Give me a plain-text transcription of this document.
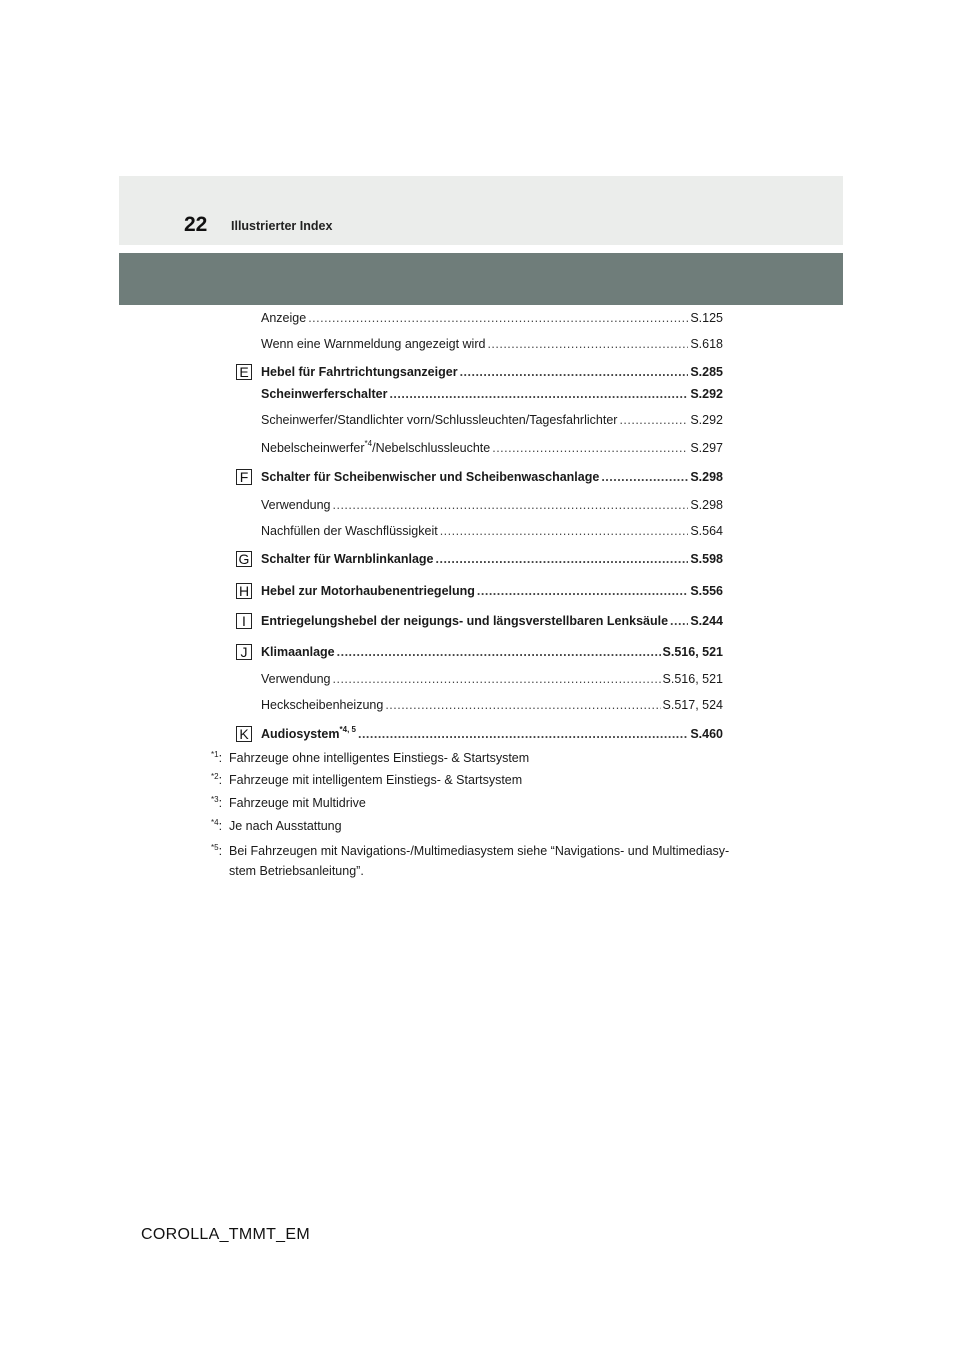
22 Illustrierter Index
Anzeige .....	S.125
Wenn eine Warnmeldung angezeigt wird .....	S.618
E Hebel für Fahrtrichtungsanzeiger .....	S.285
Scheinwerferschalter .....	S.292
Scheinwerfer/Standlichter vorn/Schlussleuchten/Tagesfahrlichter .....	S.292
Nebelscheinwerfer$^{*4}$/Nebelschlussleuchte .....	S.297
F Schalter für Scheibenwischer und Scheibenwaschanlage .....	S.298
Verwendung .....	S.298
Nachfüllen der Waschflüssigkeit .....	S.564
G Schalter für Warnblinkanlage .....	S.598
H Hebel zur Motorhaubenentriegelung .....	S.556
I	Entriegelungshebel der neigungs- und längsverstellbaren Lenksäule ..... S.244
J	Klimaanlage .....	S.516, 521
Verwendung .....	S.516, 521
Heckscheibenheizung .....	S.517, 524
K Audiosystem$^{*4, 5}$ .....	S.460
$^{*1}$: Fahrzeuge ohne intelligentes Einstiegs- & Startsystem
$^{*2}$: Fahrzeuge mit intelligentem Einstiegs- & Startsystem
$^{*3}$: Fahrzeuge mit Multidrive
$^{*4}$: Je nach Ausstattung
$^{*5}$: Bei Fahrzeugen mit Navigations-/Multimediasystem siehe “Navigations- und Multimediasy-stem Betriebsanleitung”.
COROLLA_TMMT_EM
